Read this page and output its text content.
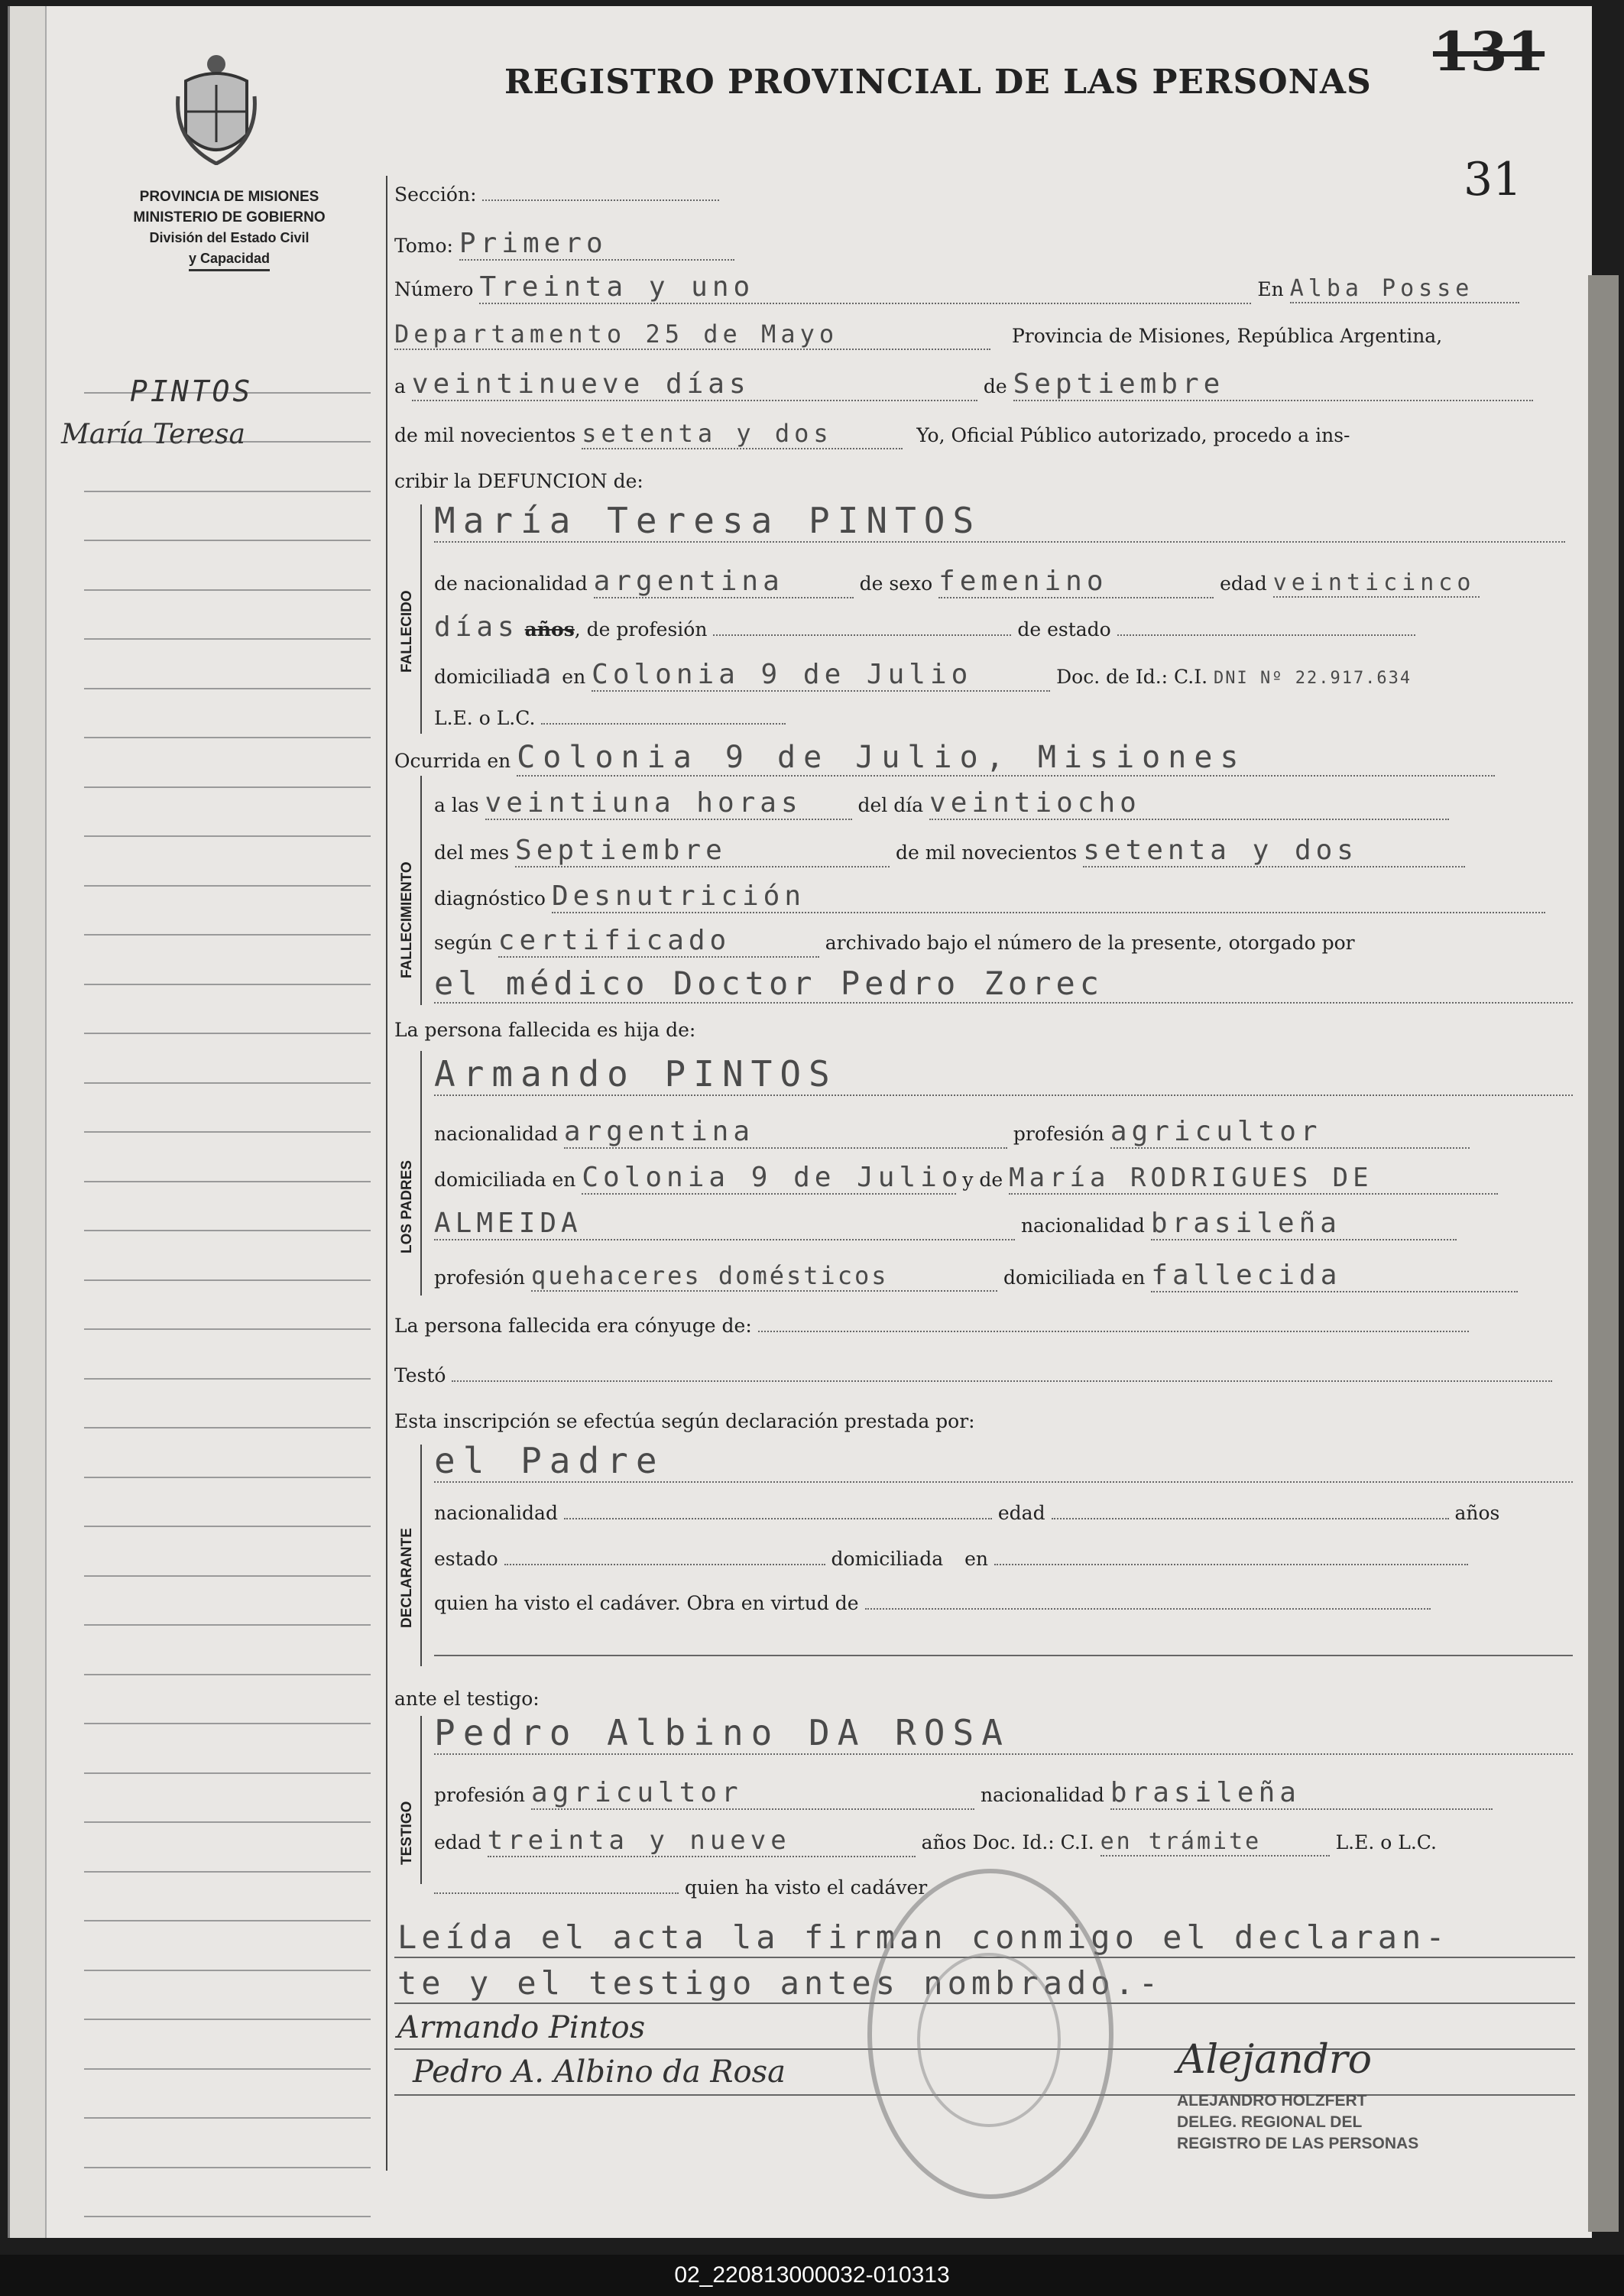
REGISTRO PROVINCIAL DE LAS PERSONAS 131
31
PROVINCIA DE MISIONES
MINISTERIO DE GOBIERNO
División del Estado Civil
y Capacidad
PINTOS
María Teresa
Sección:
Tomo: Primero
Número Treinta y uno	En Alba Posse
Departamento 25 de Mayo	Provincia de Misiones, República Argentina,
a veintinueve días	de Septiembre
de mil novecientos setenta y dos	Yo, Oficial Público autorizado, procedo a ins-
cribir la DEFUNCION de:
FALLECIDO
María Teresa PINTOS
de nacionalidad argentina	de sexo femenino	edad veinticinco
días años, de profesión	de estado
domiciliada en Colonia 9 de Julio	Doc. de Id.: C.I. DNI Nº 22.917.634
L.E. o L.C.
Ocurrida en Colonia 9 de Julio, Misiones
FALLECIMIENTO
a las veintiuna horas	del día veintiocho
del mes Septiembre	de mil novecientos setenta y dos
diagnóstico Desnutrición
según certificado	archivado bajo el número de la presente, otorgado por
el médico Doctor Pedro Zorec
La persona fallecida es hija de:
LOS PADRES
Armando PINTOS
nacionalidad argentina	profesión agricultor
domiciliada en Colonia 9 de Julio y de María RODRIGUES DE
ALMEIDA	nacionalidad brasileña
profesión quehaceres domésticos	domiciliada en fallecida
La persona fallecida era cónyuge de:
Testó
Esta inscripción se efectúa según declaración prestada por:
DECLARANTE
el Padre
nacionalidad	edad	años
estado	domiciliada en
quien ha visto el cadáver. Obra en virtud de
ante el testigo:
TESTIGO
Pedro Albino DA ROSA
profesión agricultor	nacionalidad brasileña
edad treinta y nueve	años Doc. Id.: C.I. en trámite	L.E. o L.C.
quien ha visto el cadáver
Leída el acta la firman conmigo el declaran-
te y el testigo antes nombrado.-
Armando Pintos
Pedro A. Albino da Rosa	Alejandro
ALEJANDRO HOLZFERT
DELEG. REGIONAL DEL
REGISTRO DE LAS PERSONAS
02_220813000032-010313
